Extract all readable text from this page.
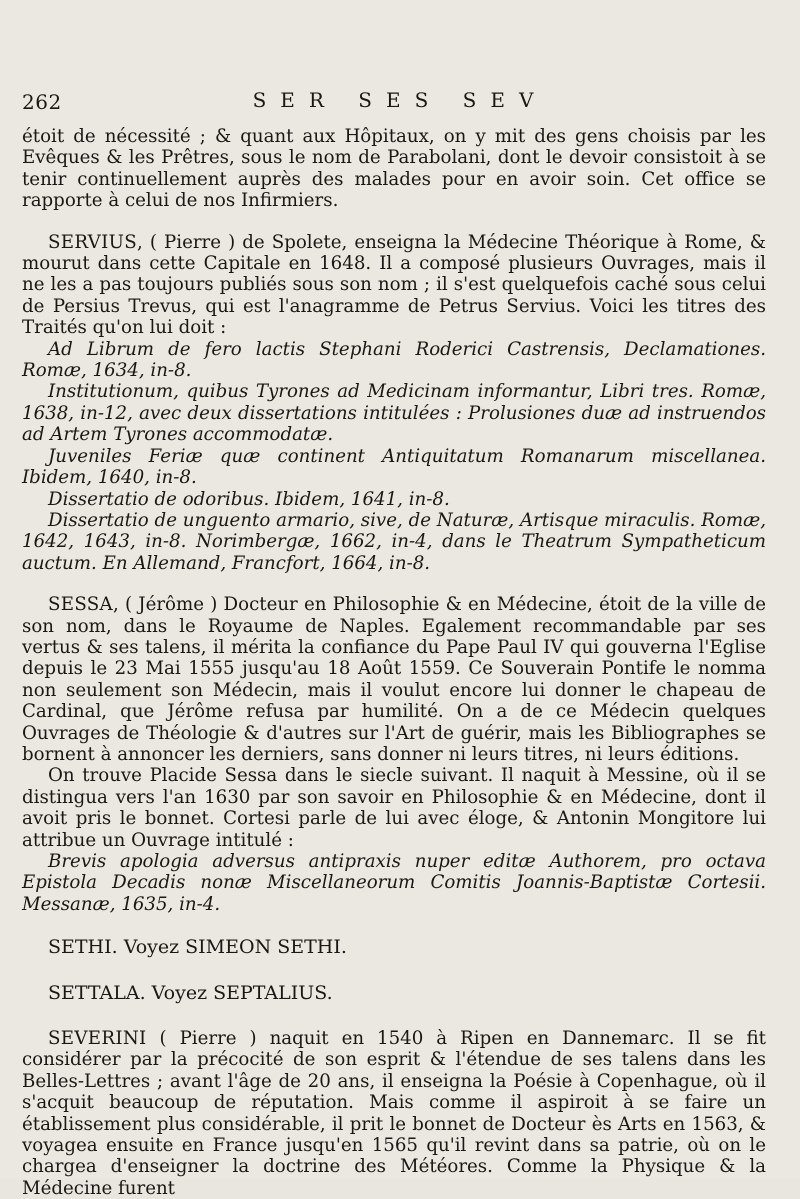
262	SER SES SEV

étoit de nécessité ; & quant aux Hôpitaux, on y mit des gens choisis par les Evêques & les Prêtres, sous le nom de Parabolani, dont le devoir consistoit à se tenir continuellement auprès des malades pour en avoir soin. Cet office se rapporte à celui de nos Infirmiers.

SERVIUS, ( Pierre ) de Spolete, enseigna la Médecine Théorique à Rome, & mourut dans cette Capitale en 1648. Il a composé plusieurs Ouvrages, mais il ne les a pas toujours publiés sous son nom ; il s'est quelquefois caché sous celui de Persius Trevus, qui est l'anagramme de Petrus Servius. Voici les titres des Traités qu'on lui doit :

Ad Librum de fero lactis Stephani Roderici Castrensis, Declamationes. Romæ, 1634, in-8.

Institutionum, quibus Tyrones ad Medicinam informantur, Libri tres. Romæ, 1638, in-12, avec deux dissertations intitulées : Prolusiones duæ ad instruendos ad Artem Tyrones accommodatæ.

Juveniles Feriæ quæ continent Antiquitatum Romanarum miscellanea. Ibidem, 1640, in-8.

Dissertatio de odoribus. Ibidem, 1641, in-8.

Dissertatio de unguento armario, sive, de Naturæ, Artisque miraculis. Romæ, 1642, 1643, in-8. Norimbergæ, 1662, in-4, dans le Theatrum Sympatheticum auctum. En Allemand, Francfort, 1664, in-8.

SESSA, ( Jérôme ) Docteur en Philosophie & en Médecine, étoit de la ville de son nom, dans le Royaume de Naples. Egalement recommandable par ses vertus & ses talens, il mérita la confiance du Pape Paul IV qui gouverna l'Eglise depuis le 23 Mai 1555 jusqu'au 18 Août 1559. Ce Souverain Pontife le nomma non seulement son Médecin, mais il voulut encore lui donner le chapeau de Cardinal, que Jérôme refusa par humilité. On a de ce Médecin quelques Ouvrages de Théologie & d'autres sur l'Art de guérir, mais les Bibliographes se bornent à annoncer les derniers, sans donner ni leurs titres, ni leurs éditions.

On trouve Placide Sessa dans le siecle suivant. Il naquit à Messine, où il se distingua vers l'an 1630 par son savoir en Philosophie & en Médecine, dont il avoit pris le bonnet. Cortesi parle de lui avec éloge, & Antonin Mongitore lui attribue un Ouvrage intitulé :

Brevis apologia adversus antipraxis nuper editæ Authorem, pro octava Epistola Decadis nonæ Miscellaneorum Comitis Joannis-Baptistæ Cortesii. Messanæ, 1635, in-4.

SETHI. Voyez SIMEON SETHI.

SETTALA. Voyez SEPTALIUS.

SEVERINI ( Pierre ) naquit en 1540 à Ripen en Dannemarc. Il se fit considérer par la précocité de son esprit & l'étendue de ses talens dans les Belles-Lettres ; avant l'âge de 20 ans, il enseigna la Poésie à Copenhague, où il s'acquit beaucoup de réputation. Mais comme il aspiroit à se faire un établissement plus considérable, il prit le bonnet de Docteur ès Arts en 1563, & voyagea ensuite en France jusqu'en 1565 qu'il revint dans sa patrie, où on le chargea d'enseigner la doctrine des Météores. Comme la Physique & la Médecine furent
